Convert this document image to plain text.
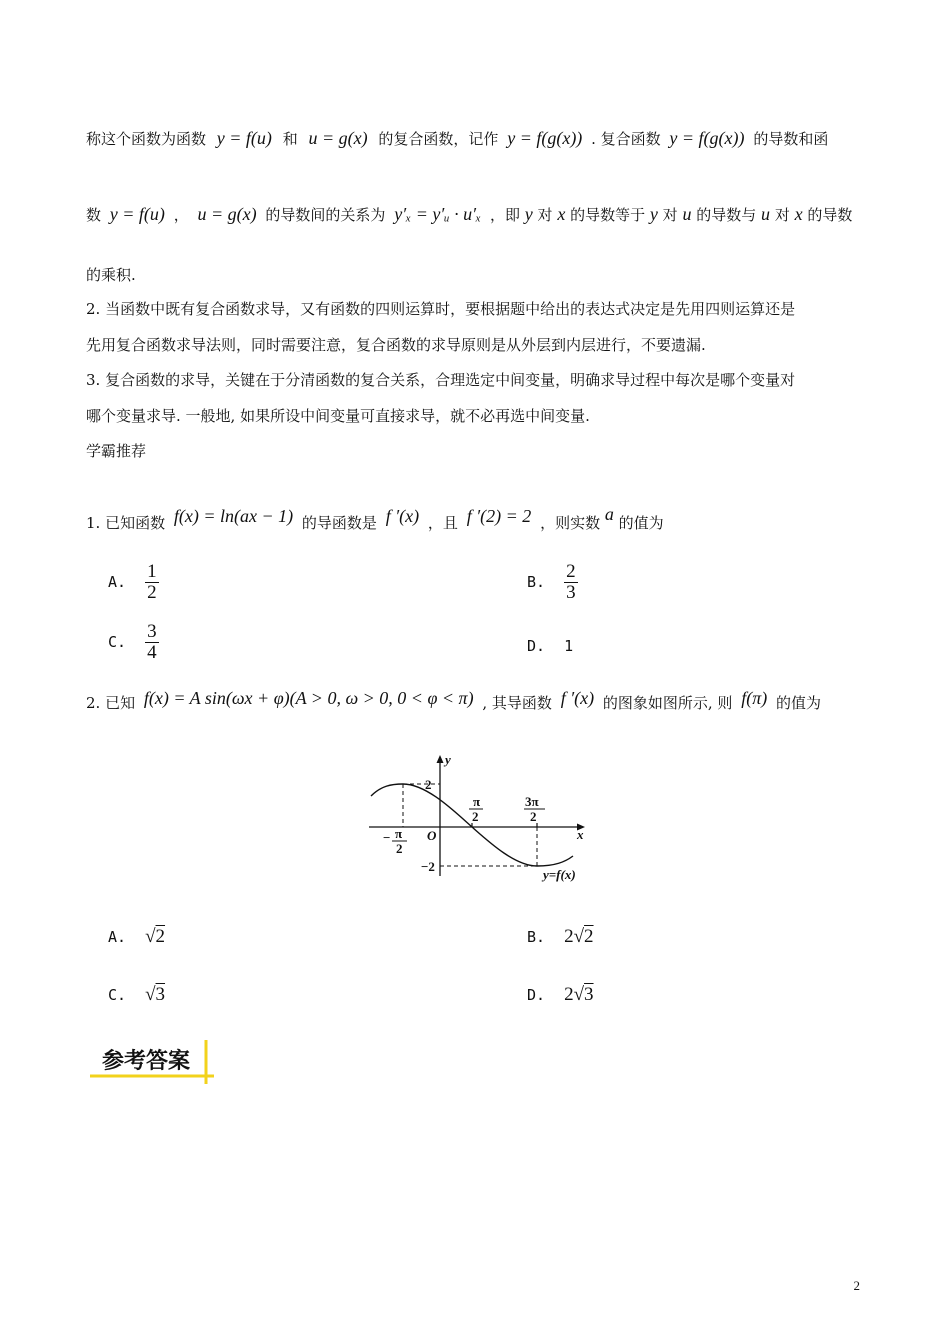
称这个函数为函数 y = f(u) 和 u = g(x) 的复合函数，记作 y = f(g(x)) . 复合函数 y = f(g(x)) 的导数和函
数 y = f(u) ， u = g(x) 的导数间的关系为 y′ₓ = y′ᵤ · u′ₓ ，即 y 对 x 的导数等于 y 对 u 的导数与 u 对 x 的导数
的乘积.
2. 当函数中既有复合函数求导，又有函数的四则运算时，要根据题中给出的表达式决定是先用四则运算还是
先用复合函数求导法则，同时需要注意，复合函数的求导原则是从外层到内层进行，不要遗漏.
3. 复合函数的求导，关键在于分清函数的复合关系，合理选定中间变量，明确求导过程中每次是哪个变量对
哪个变量求导. 一般地, 如果所设中间变量可直接求导，就不必再选中间变量.
学霸推荐
1. 已知函数 f(x) = ln(ax − 1) 的导函数是 f ′(x) ，且 f ′(2) = 2 ，则实数 a 的值为
A. $\frac{1}{2}$	B. $\frac{2}{3}$
C. $\frac{3}{4}$	D. 1
2. 已知 f(x) = A sin(ωx + φ)(A > 0, ω > 0, 0 < φ < π) , 其导函数 f ′(x) 的图象如图所示, 则 f(π) 的值为
y
x
O
2
−2
π
2
3π
2
− π
2
y=f(x)
A. √2	B. 2√2
C. √3	D. 2√3
参考答案
2
